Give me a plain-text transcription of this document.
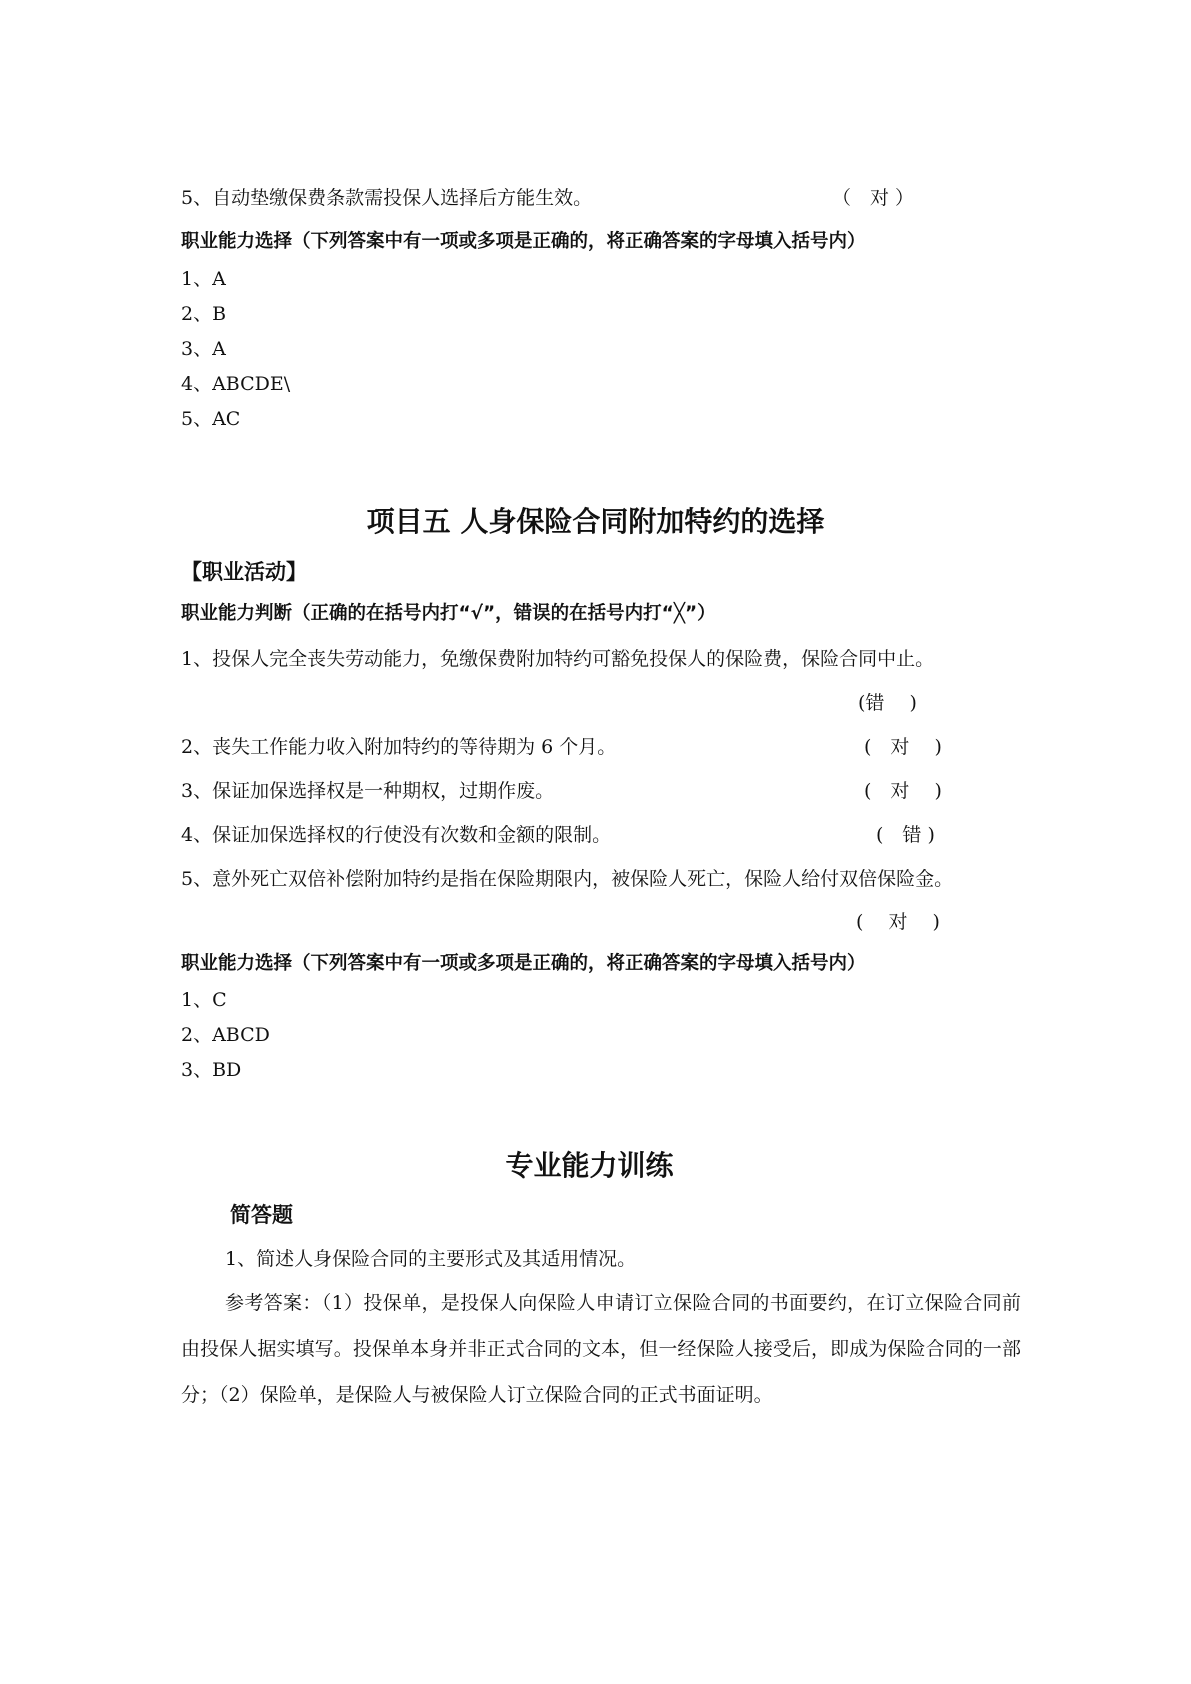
5、自动垫缴保费条款需投保人选择后方能生效。	（　对 ）
职业能力选择（下列答案中有一项或多项是正确的，将正确答案的字母填入括号内）
1、A
2、B
3、A
4、ABCDE\
5、AC
项目五 人身保险合同附加特约的选择
【职业活动】
职业能力判断（正确的在括号内打“√”，错误的在括号内打“╳”）
1、投保人完全丧失劳动能力，免缴保费附加特约可豁免投保人的保险费，保险合同中止。
(错　 )
2、丧失工作能力收入附加特约的等待期为 6 个月。	(　对　 )
3、保证加保选择权是一种期权，过期作废。	(　对　 )
4、保证加保选择权的行使没有次数和金额的限制。	(　错 )
5、意外死亡双倍补偿附加特约是指在保险期限内，被保险人死亡，保险人给付双倍保险金。
(　 对　 )
职业能力选择（下列答案中有一项或多项是正确的，将正确答案的字母填入括号内）
1、C
2、ABCD
3、BD
专业能力训练
简答题
1、简述人身保险合同的主要形式及其适用情况。
参考答案：（1）投保单，是投保人向保险人申请订立保险合同的书面要约，在订立保险合同前由投保人据实填写。投保单本身并非正式合同的文本，但一经保险人接受后，即成为保险合同的一部分；（2）保险单，是保险人与被保险人订立保险合同的正式书面证明。
